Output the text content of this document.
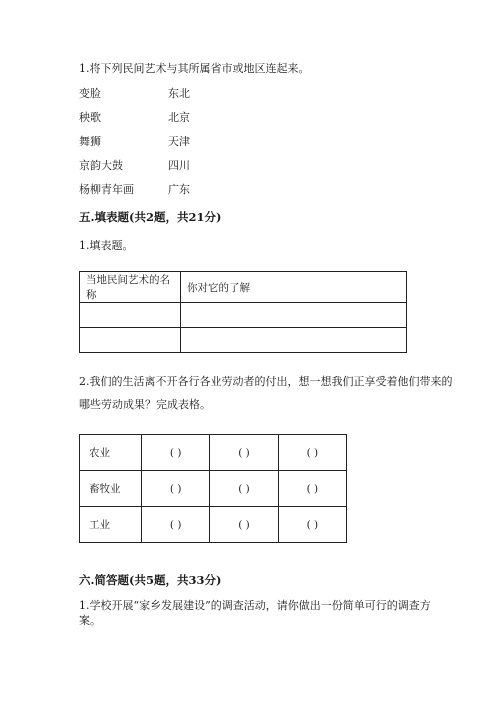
1.将下列民间艺术与其所属省市或地区连起来。
变脸	东北
秧歌	北京
舞狮	天津
京韵大鼓	四川
杨柳青年画	广东
五.填表题(共2题，共21分)
1.填表题。
当地民间艺术的名称	你对它的了解

2.我们的生活离不开各行各业劳动者的付出，想一想我们正享受着他们带来的
哪些劳动成果？完成表格。
农业	( )	( )	( )
畜牧业	( )	( )	( )
工业	( )	( )	( )
六.简答题(共5题，共33分)
1.学校开展“家乡发展建设”的调查活动，请你做出一份简单可行的调查方
案。
